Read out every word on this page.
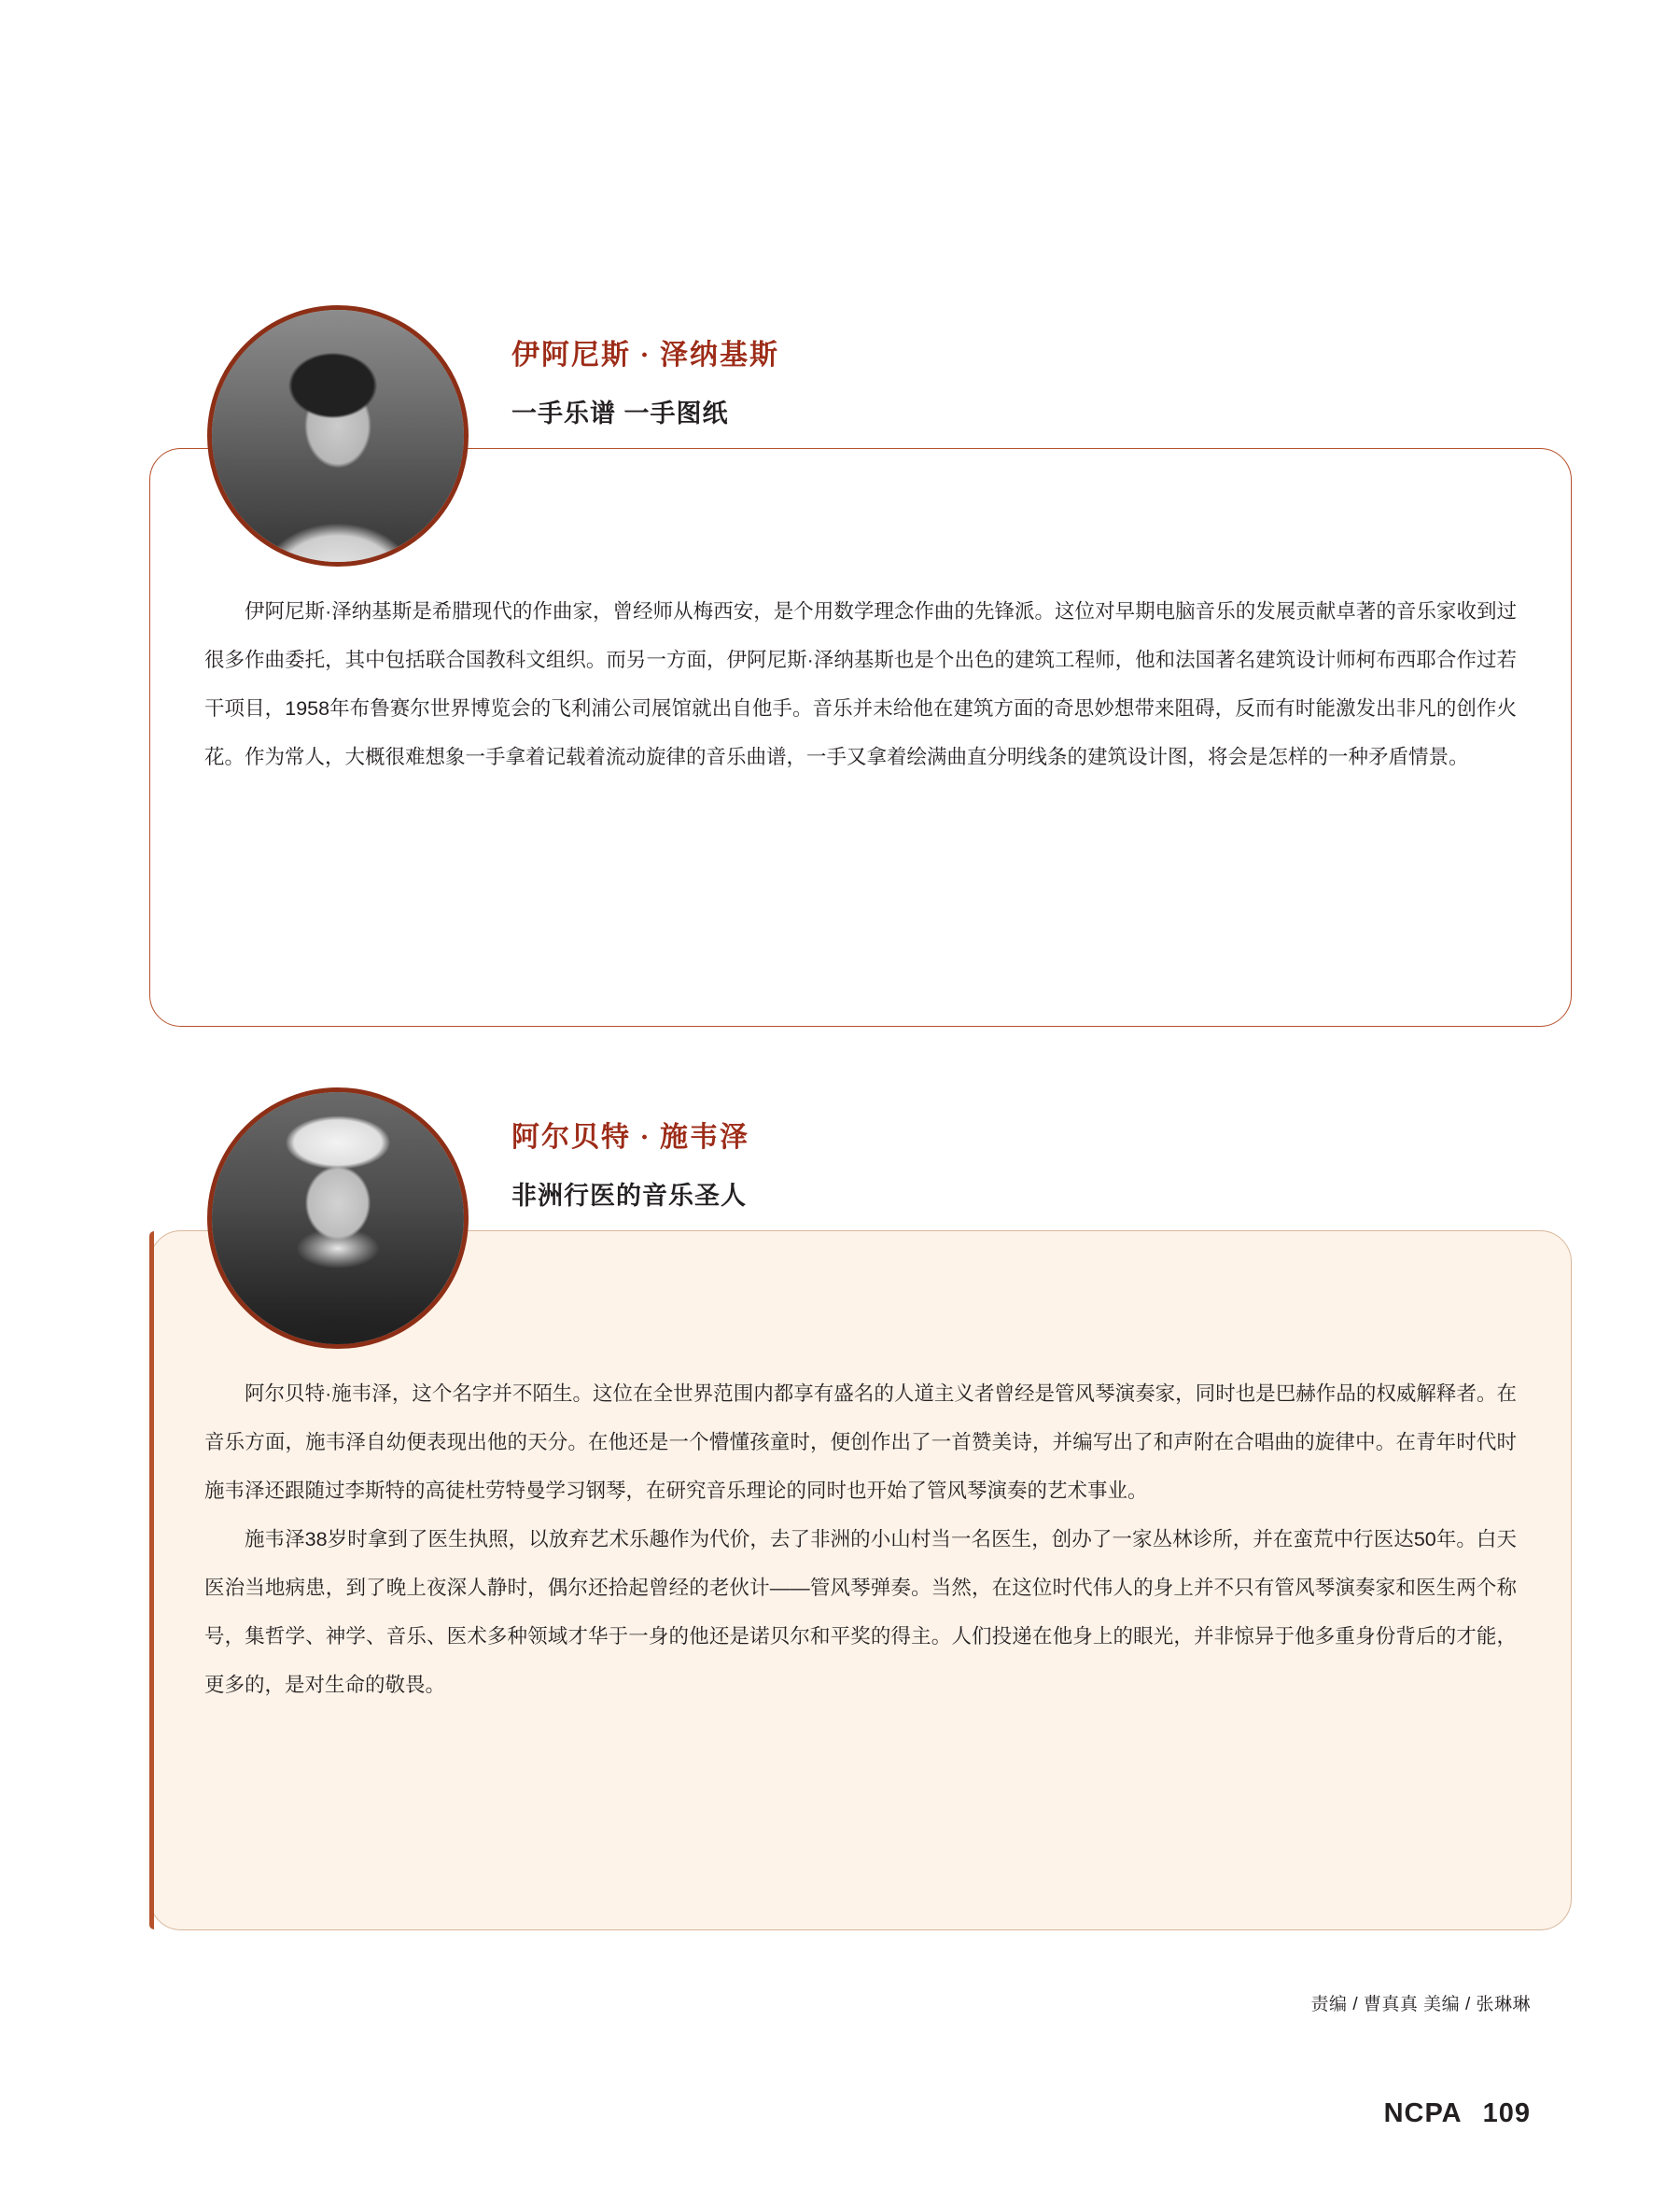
伊阿尼斯·泽纳基斯是希腊现代的作曲家，曾经师从梅西安，是个用数学理念作曲的先锋派。这位对早期电脑音乐的发展贡献卓著的音乐家收到过很多作曲委托，其中包括联合国教科文组织。而另一方面，伊阿尼斯·泽纳基斯也是个出色的建筑工程师，他和法国著名建筑设计师柯布西耶合作过若干项目，1958年布鲁赛尔世界博览会的飞利浦公司展馆就出自他手。音乐并未给他在建筑方面的奇思妙想带来阻碍，反而有时能激发出非凡的创作火花。作为常人，大概很难想象一手拿着记载着流动旋律的音乐曲谱，一手又拿着绘满曲直分明线条的建筑设计图，将会是怎样的一种矛盾情景。

伊阿尼斯 · 泽纳基斯
一手乐谱 一手图纸

阿尔贝特·施韦泽，这个名字并不陌生。这位在全世界范围内都享有盛名的人道主义者曾经是管风琴演奏家，同时也是巴赫作品的权威解释者。在音乐方面，施韦泽自幼便表现出他的天分。在他还是一个懵懂孩童时，便创作出了一首赞美诗，并编写出了和声附在合唱曲的旋律中。在青年时代时施韦泽还跟随过李斯特的高徒杜劳特曼学习钢琴，在研究音乐理论的同时也开始了管风琴演奏的艺术事业。

施韦泽38岁时拿到了医生执照，以放弃艺术乐趣作为代价，去了非洲的小山村当一名医生，创办了一家丛林诊所，并在蛮荒中行医达50年。白天医治当地病患，到了晚上夜深人静时，偶尔还拾起曾经的老伙计——管风琴弹奏。当然，在这位时代伟人的身上并不只有管风琴演奏家和医生两个称号，集哲学、神学、音乐、医术多种领域才华于一身的他还是诺贝尔和平奖的得主。人们投递在他身上的眼光，并非惊异于他多重身份背后的才能，更多的，是对生命的敬畏。

阿尔贝特 · 施韦泽
非洲行医的音乐圣人
责编 / 曹真真 美编 / 张琳琳
NCPA 109
